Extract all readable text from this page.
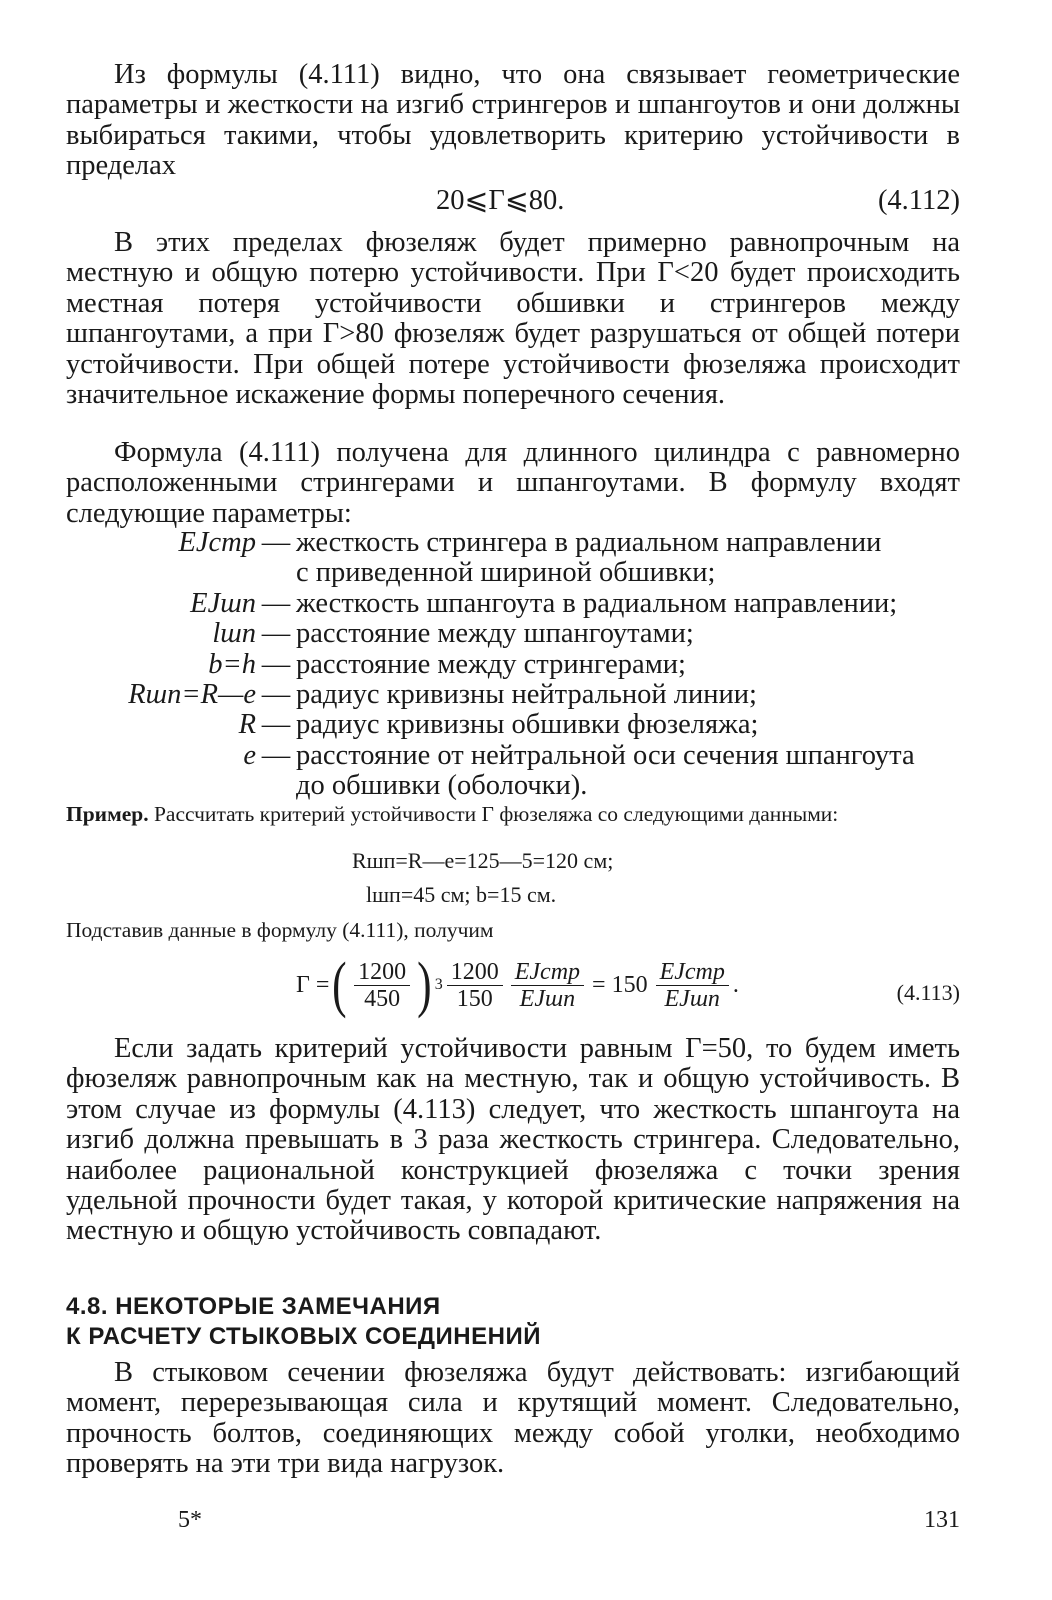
Из формулы (4.111) видно, что она связывает геометрические параметры и жесткости на изгиб стрингеров и шпангоутов и они должны выбираться такими, чтобы удовлетворить критерию устойчивости в пределах

20⩽Г⩽80.	(4.112)

В этих пределах фюзеляж будет примерно равнопрочным на местную и общую потерю устойчивости. При Г<20 будет происходить местная потеря устойчивости обшивки и стрингеров между шпангоутами, а при Г>80 фюзеляж будет разрушаться от общей потери устойчивости. При общей потере устойчивости фюзеляжа происходит значительное искажение формы поперечного сечения.

Формула (4.111) получена для длинного цилиндра с равномерно расположенными стрингерами и шпангоутами. В формулу входят следующие параметры:

EJстр — жесткость стрингера в радиальном направлении
с приведенной шириной обшивки;
EJшп — жесткость шпангоута в радиальном направлении;
lшп — расстояние между шпангоутами;
b=h — расстояние между стрингерами;
Rшп=R—e — радиус кривизны нейтральной линии;
R — радиус кривизны обшивки фюзеляжа;
e — расстояние от нейтральной оси сечения шпангоута
до обшивки (оболочки).

Пример. Рассчитать критерий устойчивости Г фюзеляжа со следующими данными:

Rшп=R—e=125—5=120 см;
lшп=45 см; b=15 см.

Подставив данные в формулу (4.111), получим

Г = ( $\frac{1200}{450}$ ) $3 \frac{1200}{150} \frac{\text{EJстр}}{\text{EJшп}} = 150 \frac{\text{EJстр}}{\text{EJшп}}$ .	(4.113)

Если задать критерий устойчивости равным Г=50, то будем иметь фюзеляж равнопрочным как на местную, так и общую устойчивость. В этом случае из формулы (4.113) следует, что жесткость шпангоута на изгиб должна превышать в 3 раза жесткость стрингера. Следовательно, наиболее рациональной конструкцией фюзеляжа с точки зрения удельной прочности будет такая, у которой критические напряжения на местную и общую устойчивость совпадают.

4.8. НЕКОТОРЫЕ ЗАМЕЧАНИЯ
К РАСЧЕТУ СТЫКОВЫХ СОЕДИНЕНИЙ

В стыковом сечении фюзеляжа будут действовать: изгибающий момент, перерезывающая сила и крутящий момент. Следовательно, прочность болтов, соединяющих между собой уголки, необходимо проверять на эти три вида нагрузок.

5*	131
